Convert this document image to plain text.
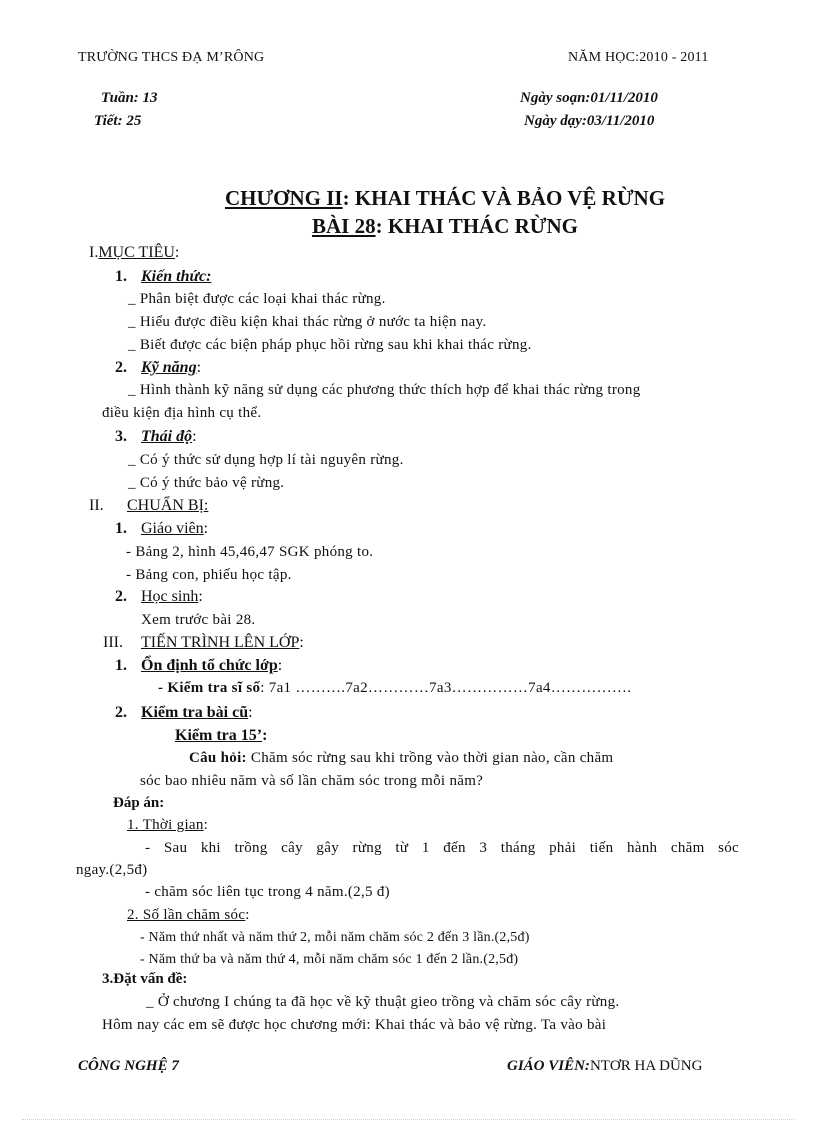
TRƯỜNG THCS ĐẠ M’RÔNG	NĂM HỌC:2010 - 2011
Tuần: 13
Tiết: 25
Ngày soạn:01/11/2010
Ngày dạy:03/11/2010
CHƯƠNG II: KHAI THÁC VÀ BẢO VỆ RỪNG
BÀI 28: KHAI THÁC RỪNG
I.MỤC TIÊU:
1. Kiến thức:
_ Phân biệt được các loại khai thác rừng.
_ Hiểu được điều kiện khai thác rừng ở nước ta hiện nay.
_ Biết được các biện pháp phục hồi rừng sau khi khai thác rừng.
2. Kỹ năng:
_ Hình thành kỹ năng sử dụng các phương thức thích hợp để khai thác rừng trong
điều kiện địa hình cụ thể.
3. Thái độ:
_ Có ý thức sử dụng hợp lí tài nguyên rừng.
_ Có ý thức bảo vệ rừng.
II. CHUẨN BỊ:
1. Giáo viên:
- Bảng 2, hình 45,46,47 SGK phóng to.
- Bảng con, phiếu học tập.
2. Học sinh:
Xem trước bài 28.
III. TIẾN TRÌNH LÊN LỚP:
1. Ổn định tổ chức lớp:
- Kiểm tra sĩ số: 7a1 ……….7a2…………7a3……………7a4…………….
2. Kiểm tra bài cũ:
Kiểm tra 15’:
Câu hỏi: Chăm sóc rừng sau khi trồng vào thời gian nào, cần chăm
sóc bao nhiêu năm và số lần chăm sóc trong mỗi năm?
Đáp án:
1. Thời gian:
- Sau khi trồng cây gây rừng từ 1 đến 3 tháng phải tiến hành chăm sóc
ngay.(2,5đ)
- chăm sóc liên tục trong 4 năm.(2,5 đ)
2. Số lần chăm sóc:
- Năm thứ nhất và năm thứ 2, mỗi năm chăm sóc 2 đến 3 lần.(2,5đ)
- Năm thứ ba và năm thứ 4, mỗi năm chăm sóc 1 đến 2 lần.(2,5đ)
3.Đặt vấn đề:
_ Ở chương I chúng ta đã học về kỹ thuật gieo trồng và chăm sóc cây rừng.
Hôm nay các em sẽ được học chương mới: Khai thác và bảo vệ rừng. Ta vào bài
CÔNG NGHỆ 7	GIÁO VIÊN:NTƠR HA DŨNG
